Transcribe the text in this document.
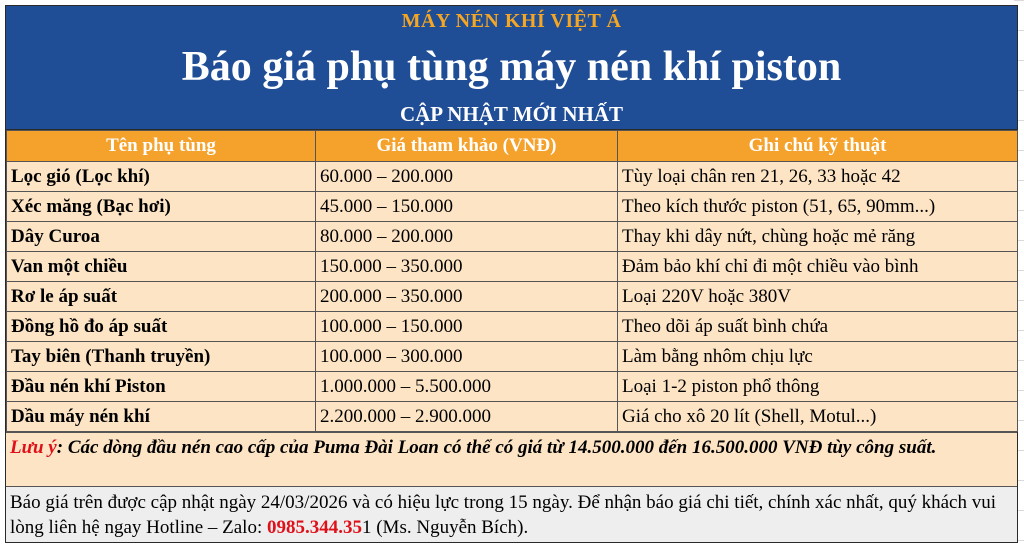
MÁY NÉN KHÍ VIỆT Á
Báo giá phụ tùng máy nén khí piston
CẬP NHẬT MỚI NHẤT
Tên phụ tùng	Giá tham khảo (VNĐ)	Ghi chú kỹ thuật
Lọc gió (Lọc khí)	60.000 – 200.000	Tùy loại chân ren 21, 26, 33 hoặc 42
Xéc măng (Bạc hơi)	45.000 – 150.000	Theo kích thước piston (51, 65, 90mm...)
Dây Curoa	80.000 – 200.000	Thay khi dây nứt, chùng hoặc mẻ răng
Van một chiều	150.000 – 350.000	Đảm bảo khí chỉ đi một chiều vào bình
Rơ le áp suất	200.000 – 350.000	Loại 220V hoặc 380V
Đồng hồ đo áp suất	100.000 – 150.000	Theo dõi áp suất bình chứa
Tay biên (Thanh truyền)	100.000 – 300.000	Làm bằng nhôm chịu lực
Đầu nén khí Piston	1.000.000 – 5.500.000	Loại 1-2 piston phổ thông
Dầu máy nén khí	2.200.000 – 2.900.000	Giá cho xô 20 lít (Shell, Motul...)
Lưu ý: Các dòng đầu nén cao cấp của Puma Đài Loan có thể có giá từ 14.500.000 đến 16.500.000 VNĐ tùy công suất.
Báo giá trên được cập nhật ngày 24/03/2026 và có hiệu lực trong 15 ngày. Để nhận báo giá chi tiết, chính xác nhất, quý khách vui lòng liên hệ ngay Hotline – Zalo: 0985.344.351 (Ms. Nguyễn Bích).
